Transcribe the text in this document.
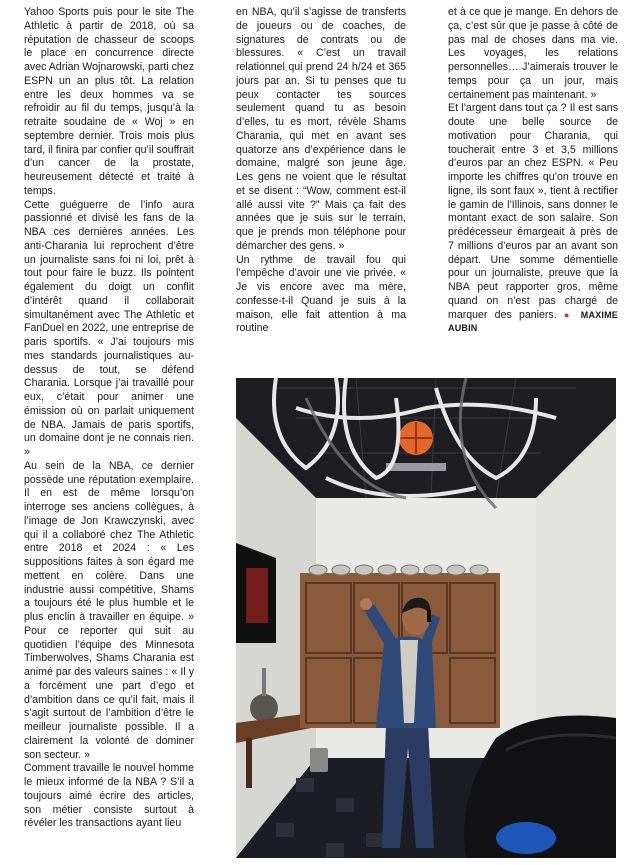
Yahoo Sports puis pour le site The Athletic à partir de 2018, où sa réputation de chasseur de scoops le place en concurrence directe avec Adrian Wojnarowski, parti chez ESPN un an plus tôt. La relation entre les deux hommes va se refroidir au fil du temps, jusqu’à la retraite soudaine de « Woj » en septembre dernier. Trois mois plus tard, il finira par confier qu’il souffrait d’un cancer de la prostate, heureusement détecté et traité à temps.

Cette guéguerre de l’info aura passionné et divisé les fans de la NBA ces dernières années. Les anti-Charania lui reprochent d’être un journaliste sans foi ni loi, prêt à tout pour faire le buzz. Ils pointent également du doigt un conflit d’intérêt quand il collaborait simultanément avec The Athletic et FanDuel en 2022, une entreprise de paris sportifs. « J’ai toujours mis mes standards journalistiques au-dessus de tout, se défend Charania. Lorsque j’ai travaillé pour eux, c’était pour animer une émission où on parlait uniquement de NBA. Jamais de paris sportifs, un domaine dont je ne connais rien. »

Au sein de la NBA, ce dernier possède une réputation exemplaire. Il en est de même lorsqu’on interroge ses anciens collègues, à l’image de Jon Krawczynski, avec qui il a collaboré chez The Athletic entre 2018 et 2024 : « Les suppositions faites à son égard me mettent en colère. Dans une industrie aussi compétitive, Shams a toujours été le plus humble et le plus enclin à travailler en équipe. » Pour ce reporter qui suit au quotidien l’équipe des Minnesota Timberwolves, Shams Charania est animé par des valeurs saines : « Il y a forcément une part d’ego et d’ambition dans ce qu’il fait, mais il s’agit surtout de l’ambition d’être le meilleur journaliste possible. Il a clairement la volonté de dominer son secteur. »

Comment travaille le nouvel homme le mieux informé de la NBA ? S’il a toujours aimé écrire des articles, son métier consiste surtout à révéler les transactions ayant lieu

en NBA, qu’il s’agisse de transferts de joueurs ou de coaches, de signatures de contrats ou de blessures. « C’est un travail relationnel qui prend 24 h/24 et 365 jours par an. Si tu penses que tu peux contacter tes sources seulement quand tu as besoin d’elles, tu es mort, révèle Shams Charania, qui met en avant ses quatorze ans d’expérience dans le domaine, malgré son jeune âge. Les gens ne voient que le résultat et se disent : “Wow, comment est-il allé aussi vite ?” Mais ça fait des années que je suis sur le terrain, que je prends mon téléphone pour démarcher des gens. »

Un rythme de travail fou qui l’empêche d’avoir une vie privée. « Je vis encore avec ma mère, confesse-t-il Quand je suis à la maison, elle fait attention à ma routine

et à ce que je mange. En dehors de ça, c’est sûr que je passe à côté de pas mal de choses dans ma vie. Les voyages, les relations personnelles… J’aimerais trouver le temps pour ça un jour, mais certainement pas maintenant. »

Et l’argent dans tout ça ? Il est sans doute une belle source de motivation pour Charania, qui toucherait entre 3 et 3,5 millions d’euros par an chez ESPN. « Peu importe les chiffres qu’on trouve en ligne, ils sont faux », tient à rectifier le gamin de l’Illinois, sans donner le montant exact de son salaire. Son prédécesseur émargeait à près de 7 millions d’euros par an avant son départ. Une somme démentielle pour un journaliste, preuve que la NBA peut rapporter gros, même quand on n’est pas chargé de marquer des paniers. ● MAXIME AUBIN
